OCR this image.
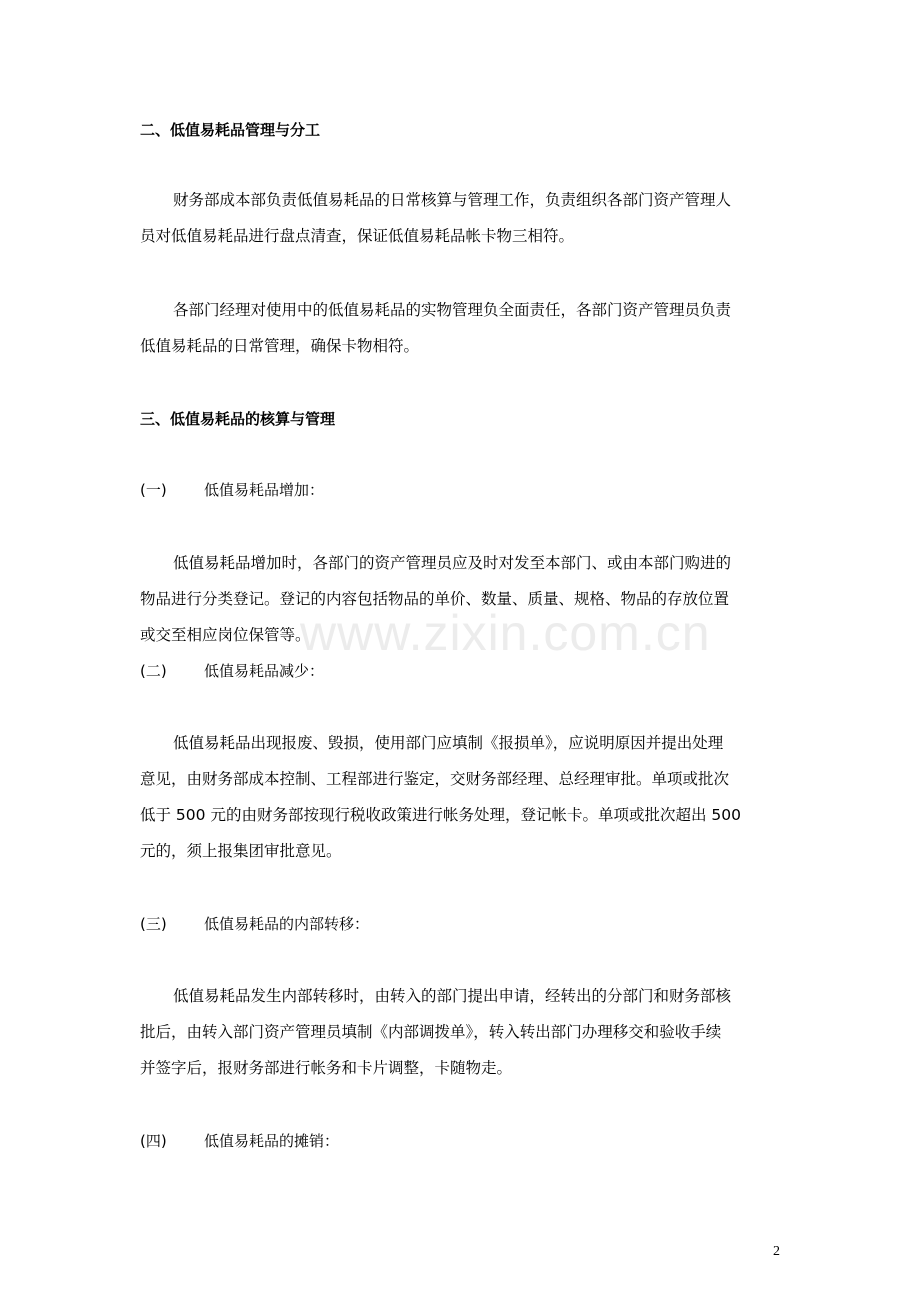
www.zixin.com.cn
二、低值易耗品管理与分工
财务部成本部负责低值易耗品的日常核算与管理工作，负责组织各部门资产管理人
员对低值易耗品进行盘点清查，保证低值易耗品帐卡物三相符。
各部门经理对使用中的低值易耗品的实物管理负全面责任，各部门资产管理员负责
低值易耗品的日常管理，确保卡物相符。
三、低值易耗品的核算与管理
(一) 低值易耗品增加：
低值易耗品增加时，各部门的资产管理员应及时对发至本部门、或由本部门购进的
物品进行分类登记。登记的内容包括物品的单价、数量、质量、规格、物品的存放位置
或交至相应岗位保管等。
(二) 低值易耗品减少：
低值易耗品出现报废、毁损，使用部门应填制《报损单》，应说明原因并提出处理
意见，由财务部成本控制、工程部进行鉴定，交财务部经理、总经理审批。单项或批次
低于 500 元的由财务部按现行税收政策进行帐务处理，登记帐卡。单项或批次超出 500
元的，须上报集团审批意见。
(三) 低值易耗品的内部转移：
低值易耗品发生内部转移时，由转入的部门提出申请，经转出的分部门和财务部核
批后，由转入部门资产管理员填制《内部调拨单》，转入转出部门办理移交和验收手续
并签字后，报财务部进行帐务和卡片调整，卡随物走。
(四) 低值易耗品的摊销：
2
